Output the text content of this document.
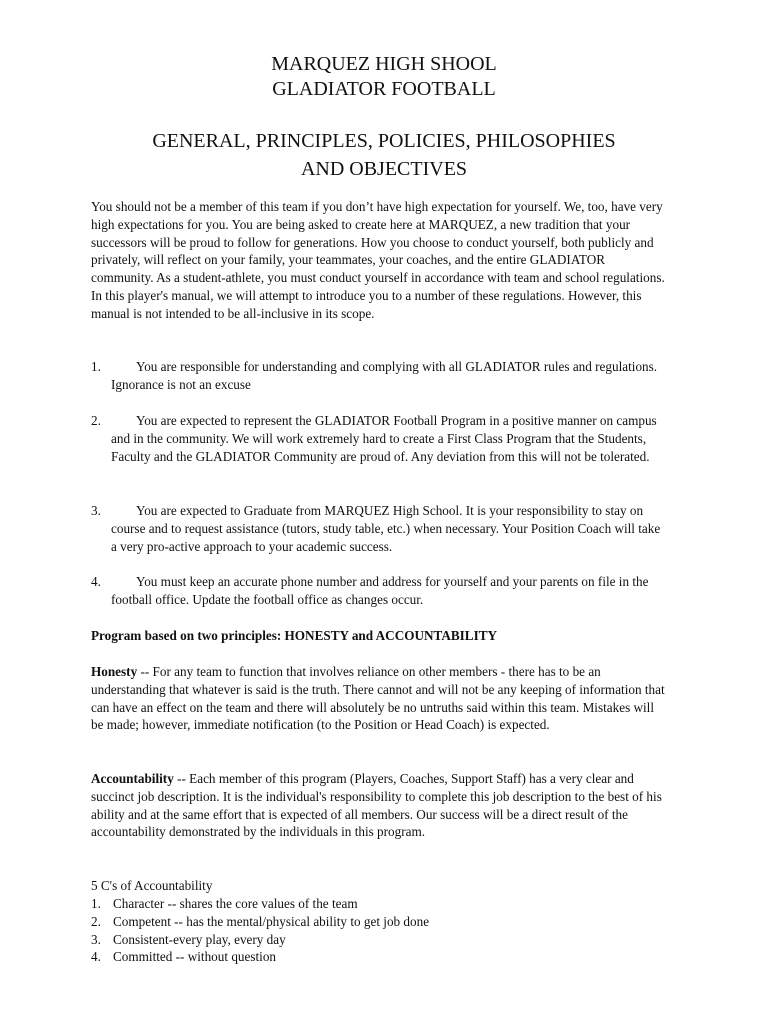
MARQUEZ HIGH SHOOL
GLADIATOR FOOTBALL
GENERAL, PRINCIPLES, POLICIES, PHILOSOPHIES
AND OBJECTIVES

You should not be a member of this team if you don’t have high expectation for yourself. We, too, have very high expectations for you. You are being asked to create here at MARQUEZ, a new tradition that your successors will be proud to follow for generations. How you choose to conduct yourself, both publicly and privately, will reflect on your family, your teammates, your coaches, and the entire GLADIATOR community. As a student-athlete, you must conduct yourself in accordance with team and school regulations. In this player's manual, we will attempt to introduce you to a number of these regulations. However, this manual is not intended to be all-inclusive in its scope.

1.	You are responsible for understanding and complying with all GLADIATOR rules and regulations. Ignorance is not an excuse
2.	You are expected to represent the GLADIATOR Football Program in a positive manner on campus and in the community. We will work extremely hard to create a First Class Program that the Students, Faculty and the GLADIATOR Community are proud of. Any deviation from this will not be tolerated.
3.	You are expected to Graduate from MARQUEZ High School. It is your responsibility to stay on course and to request assistance (tutors, study table, etc.) when necessary. Your Position Coach will take a very pro-active approach to your academic success.
4.	You must keep an accurate phone number and address for yourself and your parents on file in the football office. Update the football office as changes occur.

Program based on two principles: HONESTY and ACCOUNTABILITY

Honesty -- For any team to function that involves reliance on other members - there has to be an understanding that whatever is said is the truth. There cannot and will not be any keeping of information that can have an effect on the team and there will absolutely be no untruths said within this team. Mistakes will be made; however, immediate notification (to the Position or Head Coach) is expected.

Accountability -- Each member of this program (Players, Coaches, Support Staff) has a very clear and succinct job description. It is the individual's responsibility to complete this job description to the best of his ability and at the same effort that is expected of all members. Our success will be a direct result of the accountability demonstrated by the individuals in this program.

5 C's of Accountability

1. Character -- shares the core values of the team
2. Competent -- has the mental/physical ability to get job done
3. Consistent-every play, every day
4. Committed -- without question
